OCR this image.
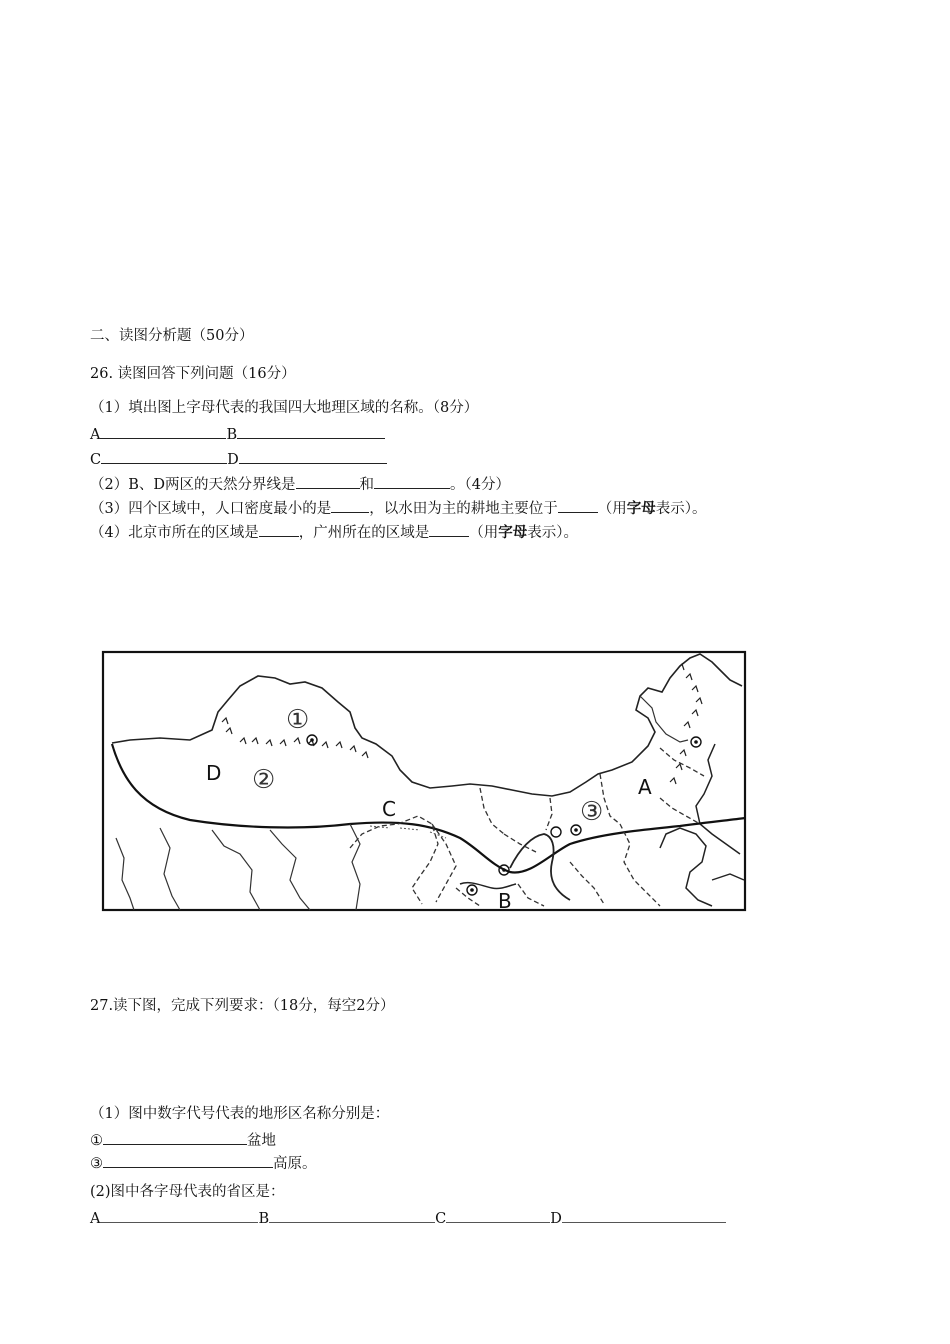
二、读图分析题（50分）
26. 读图回答下列问题（16分）
（1）填出图上字母代表的我国四大地理区域的名称。（8分）
A	B
C	D
（2）B、D两区的天然分界线是	和	。（4分）
（3）四个区域中，人口密度最小的是	，以水田为主的耕地主要位于	（用字母表示）。
（4）北京市所在的区域是	，广州所在的区域是	（用字母表示）。
①
②
③
D
C
A
B
27.读下图，完成下列要求：（18分，每空2分）
（1）图中数字代号代表的地形区名称分别是：
①	盆地
③	高原。
(2)图中各字母代表的省区是：
A	B	C	D
